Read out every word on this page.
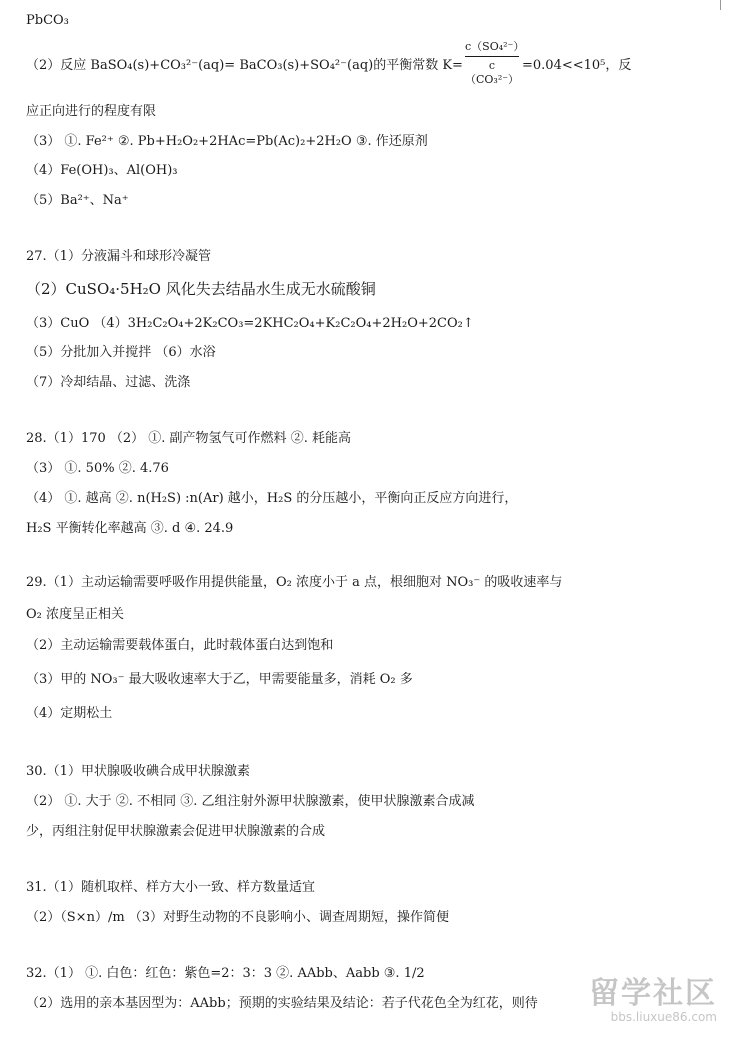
PbCO₃
（2）反应 BaSO₄(s)+CO₃²⁻(aq)= BaCO₃(s)+SO₄²⁻(aq)的平衡常数 K=
c（SO₄²⁻）
c（CO₃²⁻）
=0.04<<10⁵，反
应正向进行的程度有限
（3） ①. Fe²⁺ ②. Pb+H₂O₂+2HAc=Pb(Ac)₂+2H₂O ③. 作还原剂
（4）Fe(OH)₃、Al(OH)₃
（5）Ba²⁺、Na⁺
27.（1）分液漏斗和球形冷凝管
（2）CuSO₄·5H₂O 风化失去结晶水生成无水硫酸铜
（3）CuO （4）3H₂C₂O₄+2K₂CO₃=2KHC₂O₄+K₂C₂O₄+2H₂O+2CO₂↑
（5）分批加入并搅拌 （6）水浴
（7）冷却结晶、过滤、洗涤
28.（1）170 （2） ①. 副产物氢气可作燃料 ②. 耗能高
（3） ①. 50% ②. 4.76
（4） ①. 越高 ②. n(H₂S) :n(Ar) 越小，H₂S 的分压越小，平衡向正反应方向进行，
H₂S 平衡转化率越高 ③. d ④. 24.9
29.（1）主动运输需要呼吸作用提供能量，O₂ 浓度小于 a 点，根细胞对 NO₃⁻ 的吸收速率与
O₂ 浓度呈正相关
（2）主动运输需要载体蛋白，此时载体蛋白达到饱和
（3）甲的 NO₃⁻ 最大吸收速率大于乙，甲需要能量多，消耗 O₂ 多
（4）定期松土
30.（1）甲状腺吸收碘合成甲状腺激素
（2） ①. 大于 ②. 不相同 ③. 乙组注射外源甲状腺激素，使甲状腺激素合成减
少，丙组注射促甲状腺激素会促进甲状腺激素的合成
31.（1）随机取样、样方大小一致、样方数量适宜
（2）（S×n）/m （3）对野生动物的不良影响小、调查周期短，操作简便
32.（1） ①. 白色：红色：紫色=2：3：3 ②. AAbb、Aabb ③. 1/2
（2）选用的亲本基因型为：AAbb；预期的实验结果及结论：若子代花色全为红花，则待 留学社区
bbs.liuxue86.com
